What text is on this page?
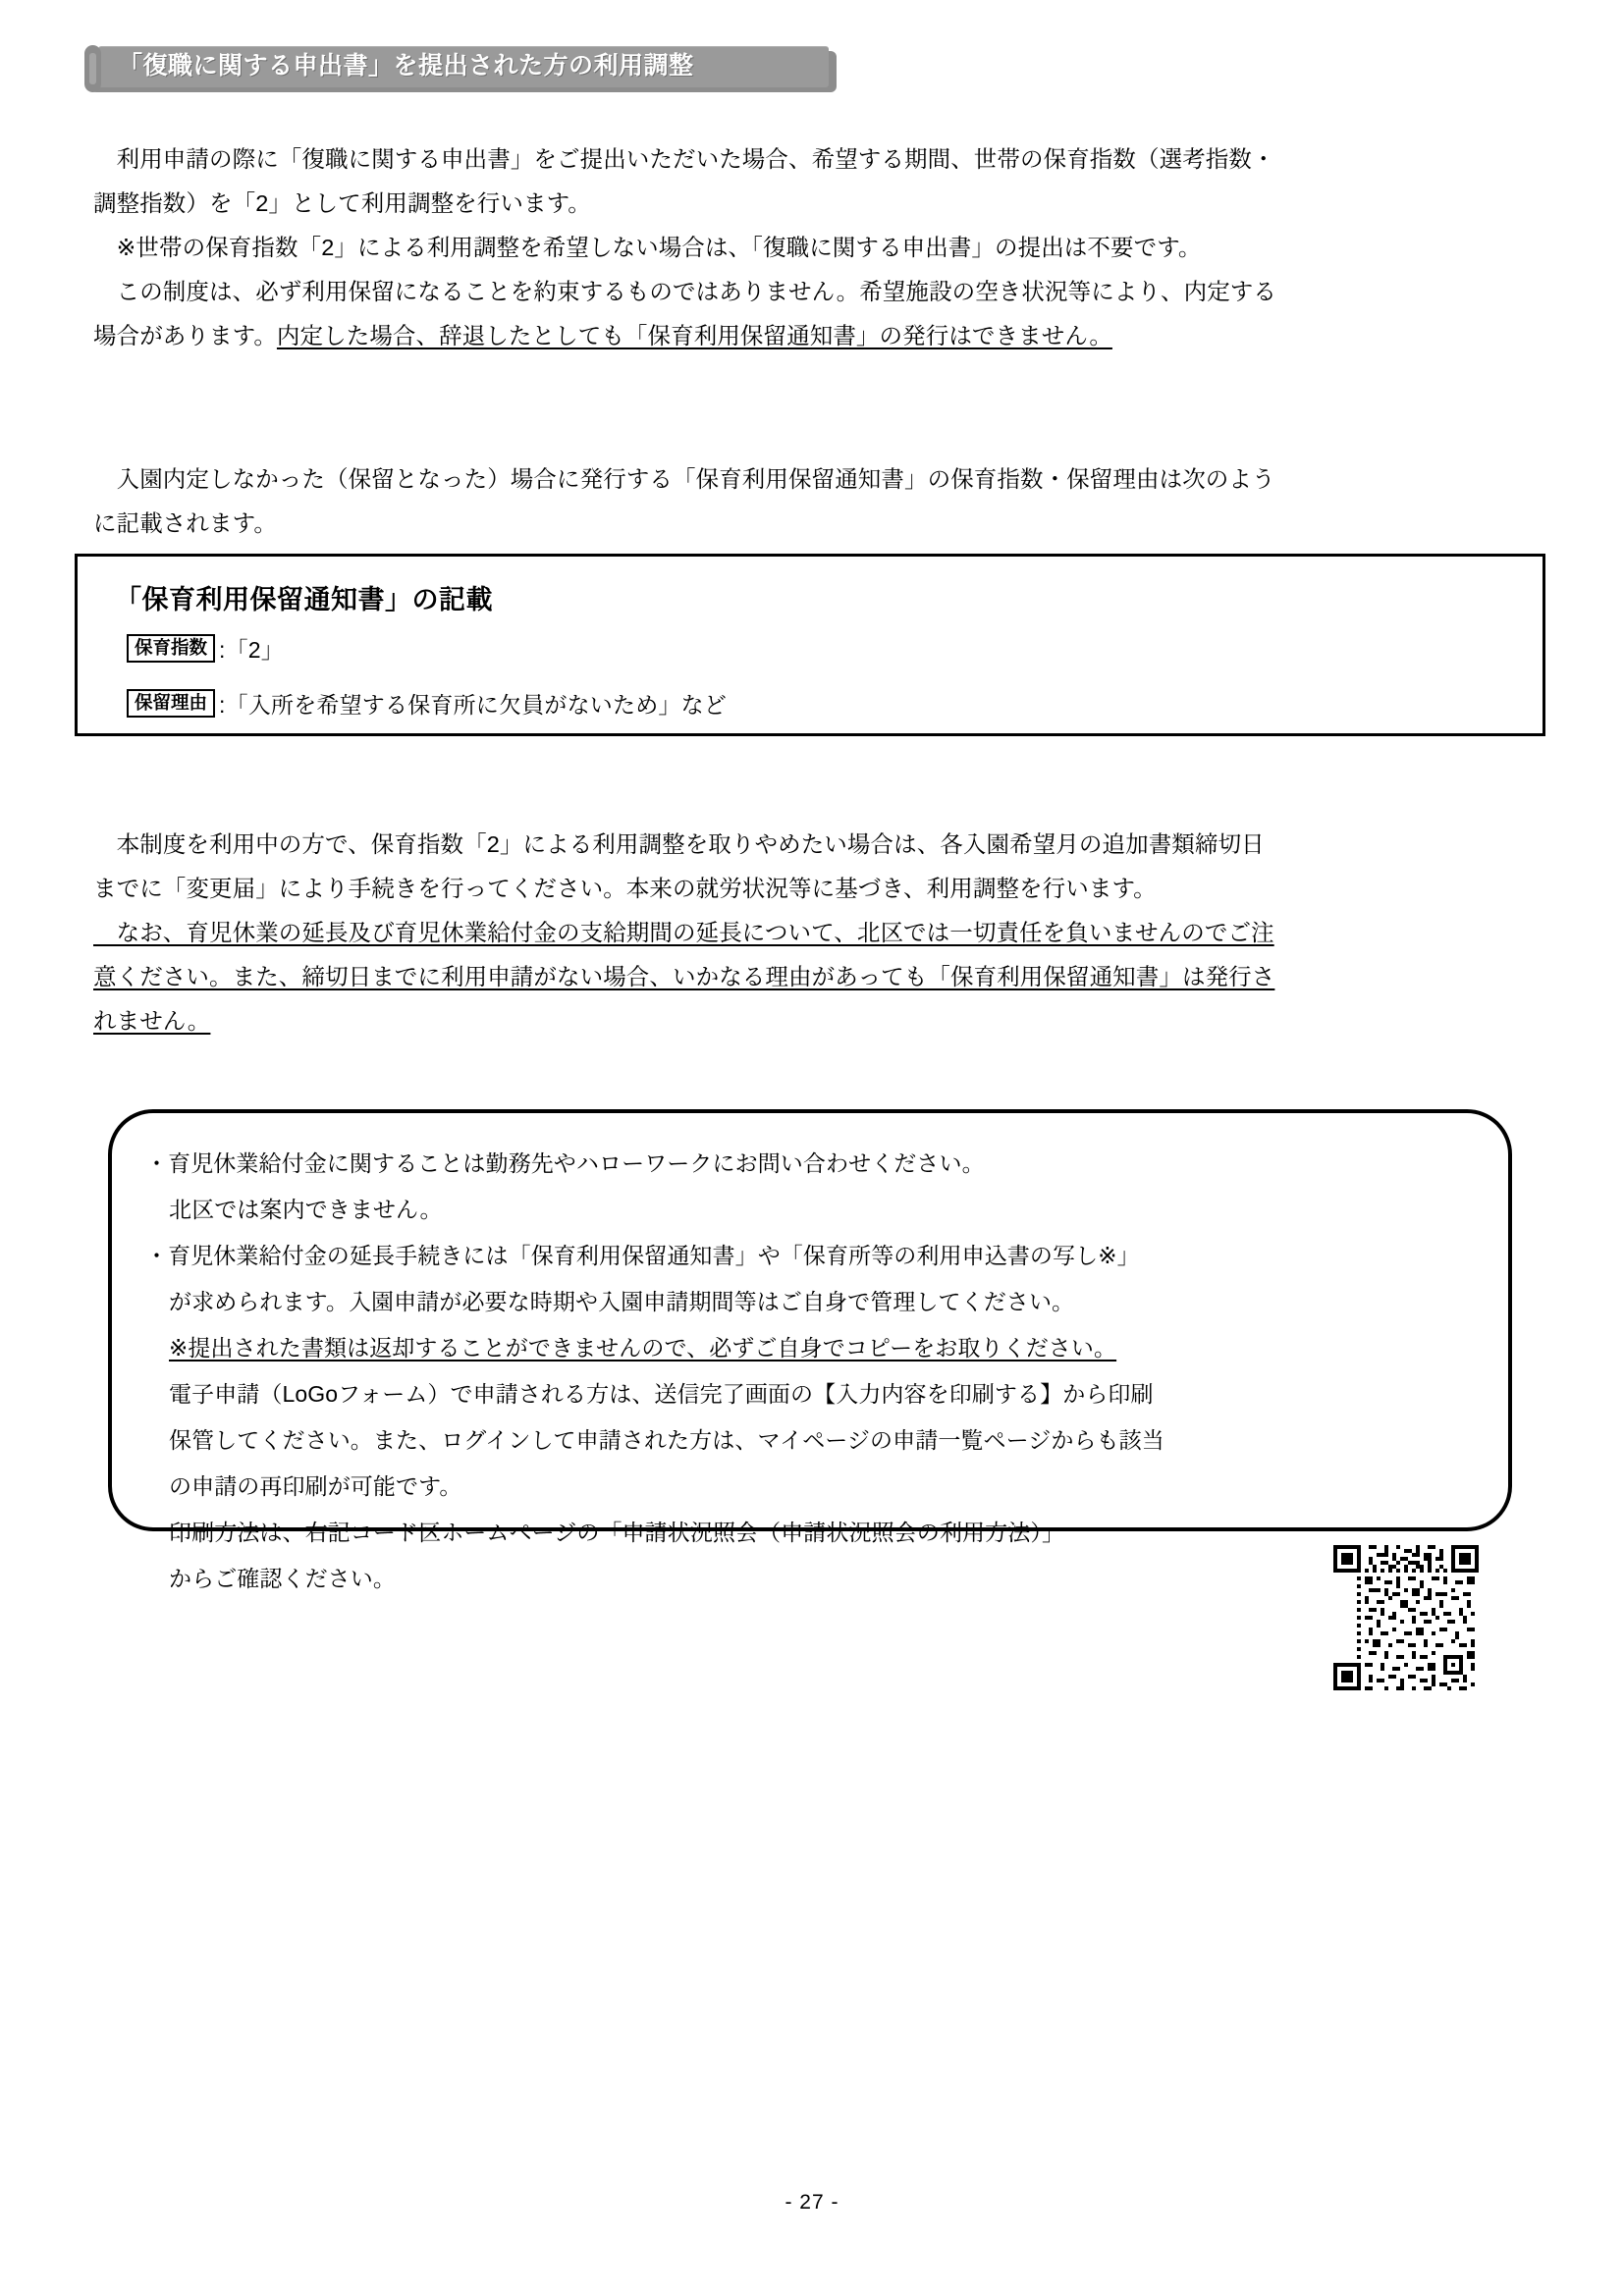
「復職に関する申出書」を提出された方の利用調整
　利用申請の際に「復職に関する申出書」をご提出いただいた場合、希望する期間、世帯の保育指数（選考指数・
調整指数）を「2」として利用調整を行います。
　※世帯の保育指数「2」による利用調整を希望しない場合は、「復職に関する申出書」の提出は不要です。
　この制度は、必ず利用保留になることを約束するものではありません。希望施設の空き状況等により、内定する
場合があります。内定した場合、辞退したとしても「保育利用保留通知書」の発行はできません。
　入園内定しなかった（保留となった）場合に発行する「保育利用保留通知書」の保育指数・保留理由は次のよう
に記載されます。
「保育利用保留通知書」の記載
保育指数 :「2」
保留理由 :「入所を希望する保育所に欠員がないため」など
　本制度を利用中の方で、保育指数「2」による利用調整を取りやめたい場合は、各入園希望月の追加書類締切日
までに「変更届」により手続きを行ってください。本来の就労状況等に基づき、利用調整を行います。
　なお、育児休業の延長及び育児休業給付金の支給期間の延長について、北区では一切責任を負いませんのでご注
意ください。また、締切日までに利用申請がない場合、いかなる理由があっても「保育利用保留通知書」は発行さ
れません。
・育児休業給付金に関することは勤務先やハローワークにお問い合わせください。
北区では案内できません。
・育児休業給付金の延長手続きには「保育利用保留通知書」や「保育所等の利用申込書の写し※」
が求められます。入園申請が必要な時期や入園申請期間等はご自身で管理してください。
※提出された書類は返却することができませんので、必ずご自身でコピーをお取りください。
電子申請（LoGoフォーム）で申請される方は、送信完了画面の【入力内容を印刷する】から印刷
保管してください。また、ログインして申請された方は、マイページの申請一覧ページからも該当
の申請の再印刷が可能です。
印刷方法は、右記コード区ホームページの「申請状況照会（申請状況照会の利用方法）」
からご確認ください。
- 27 -
